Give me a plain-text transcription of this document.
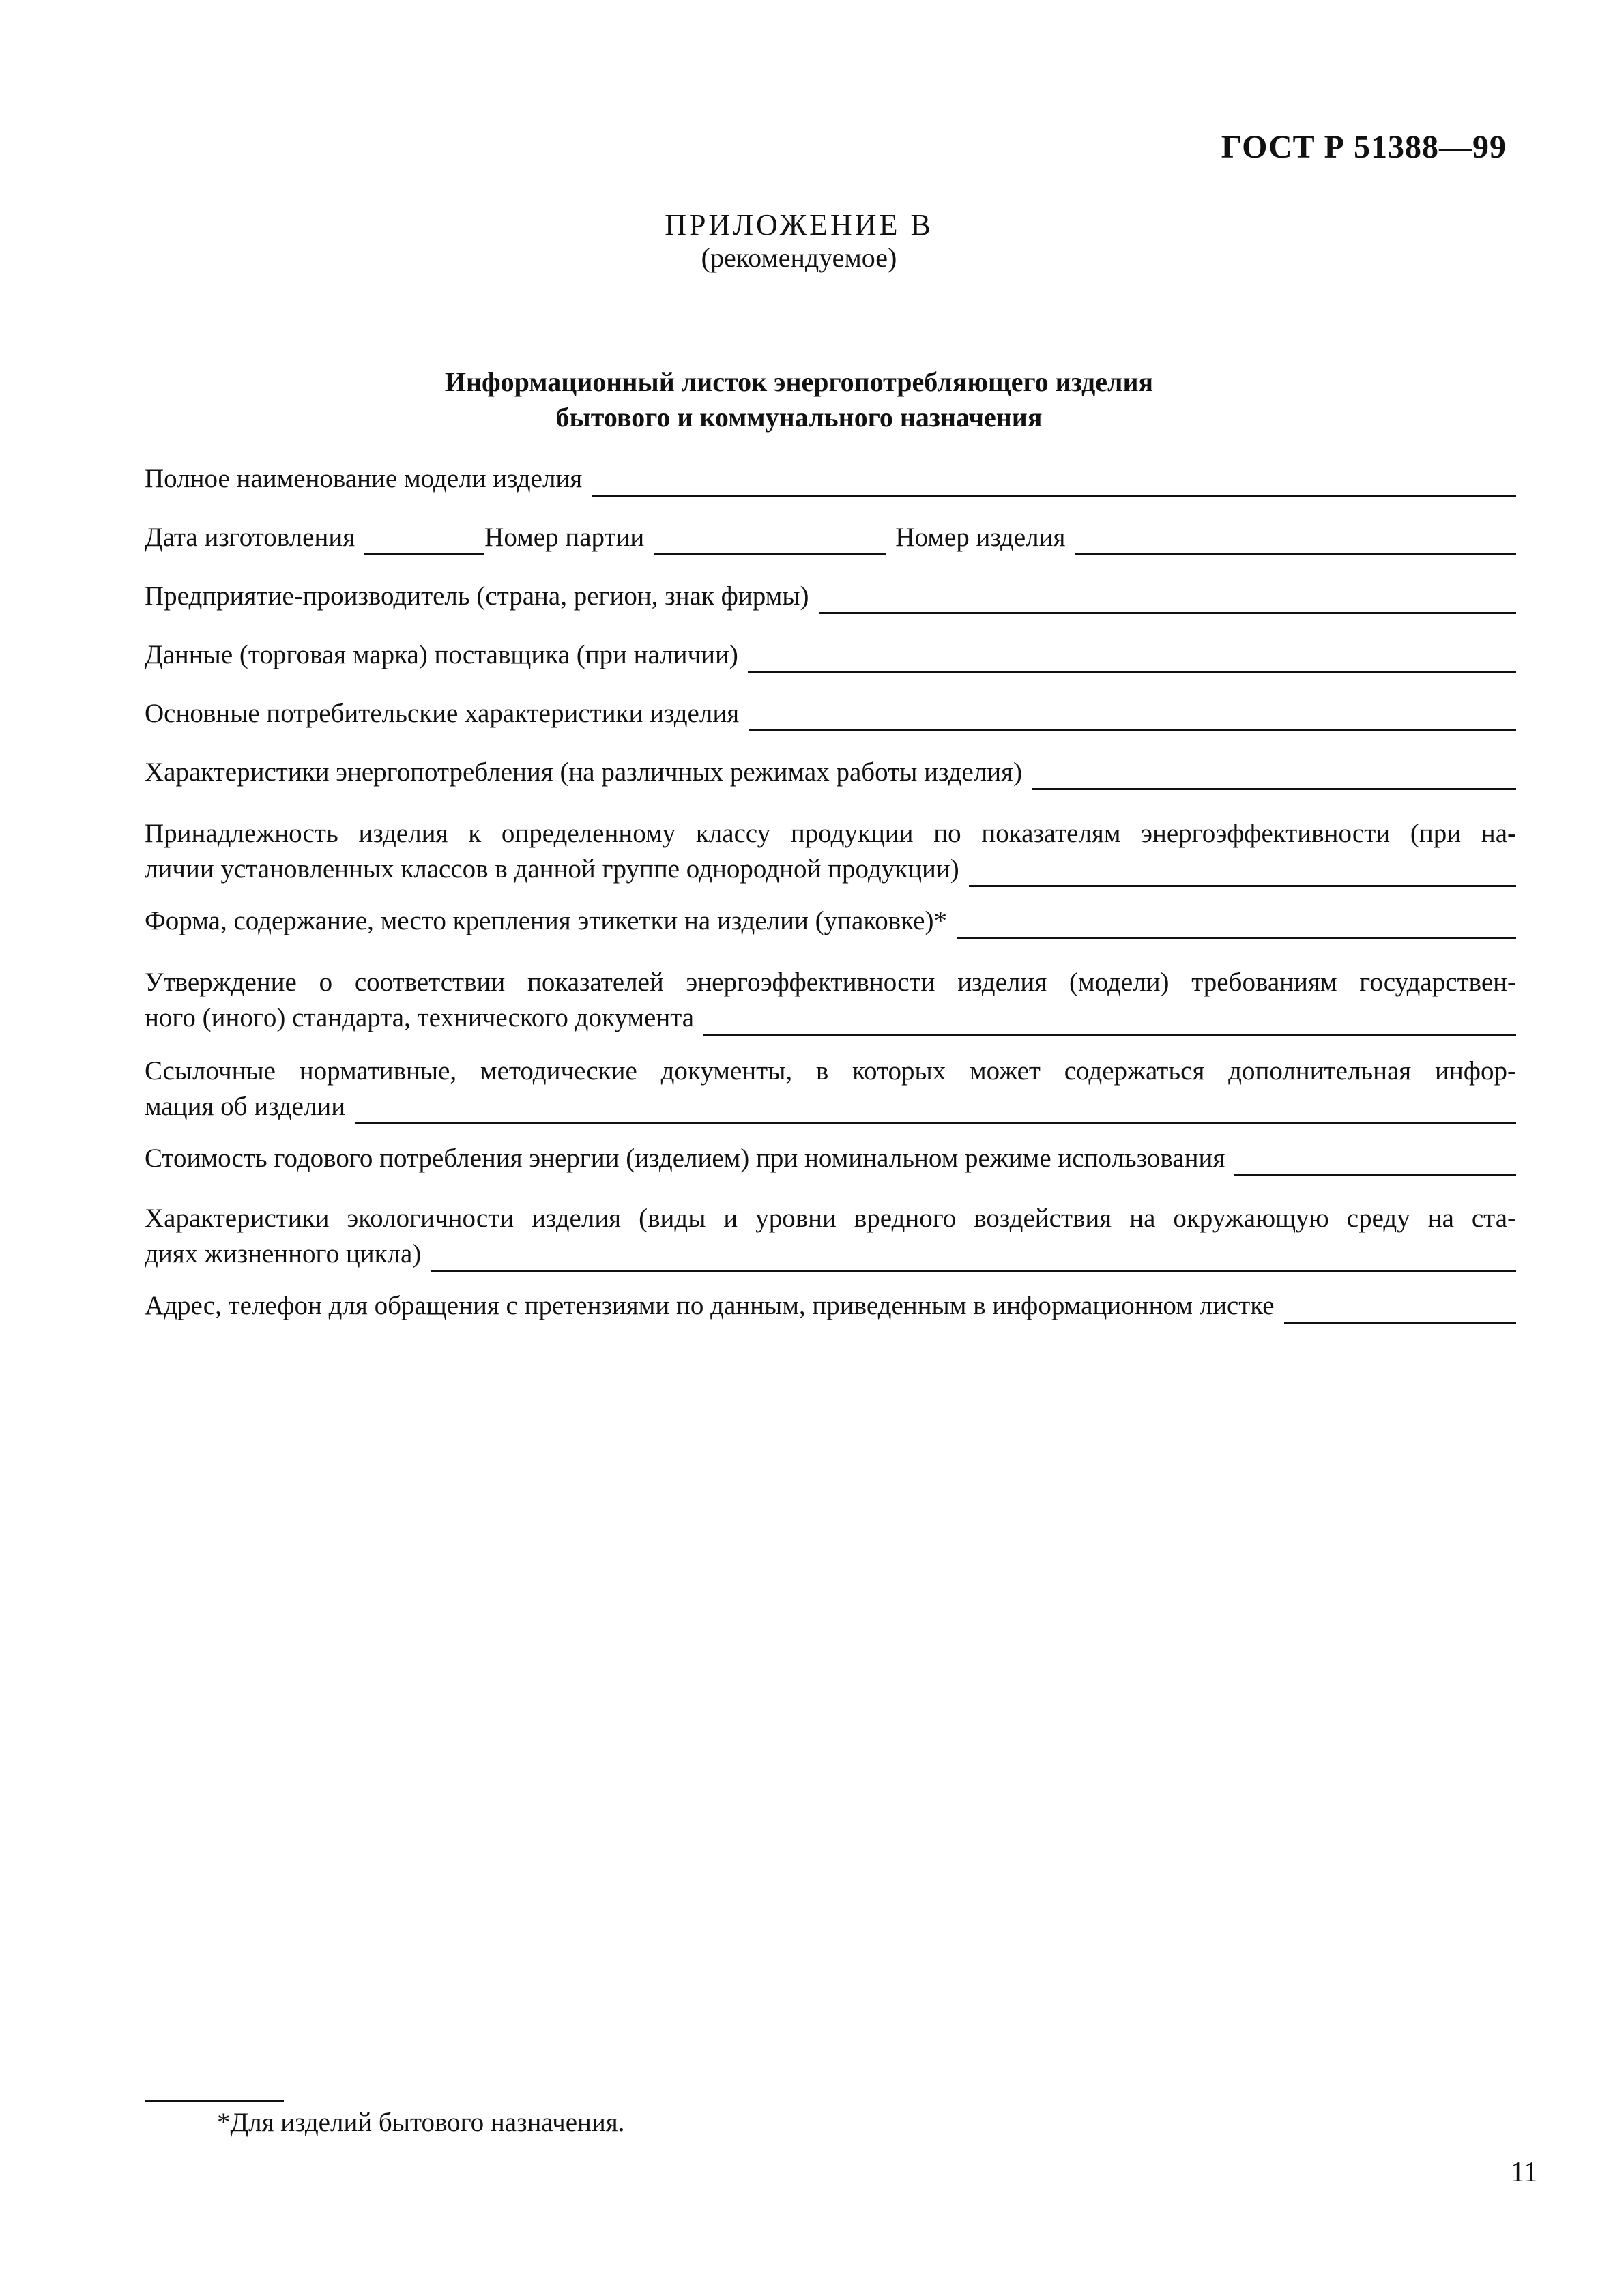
ГОСТ Р 51388—99
ПРИЛОЖЕНИЕ В
(рекомендуемое)
Информационный листок энергопотребляющего изделия
бытового и коммунального назначения
Полное наименование модели изделия
Дата изготовления	Номер партии	Номер изделия
Предприятие-производитель (страна, регион, знак фирмы)
Данные (торговая марка) поставщика (при наличии)
Основные потребительские характеристики изделия
Характеристики энергопотребления (на различных режимах работы изделия)
Принадлежность изделия к определенному классу продукции по показателям энергоэффективности (при на-
личии установленных классов в данной группе однородной продукции)
Форма, содержание, место крепления этикетки на изделии (упаковке)*
Утверждение о соответствии показателей энергоэффективности изделия (модели) требованиям государствен-
ного (иного) стандарта, технического документа
Ссылочные нормативные, методические документы, в которых может содержаться дополнительная инфор-
мация об изделии
Стоимость годового потребления энергии (изделием) при номинальном режиме использования
Характеристики экологичности изделия (виды и уровни вредного воздействия на окружающую среду на ста-
диях жизненного цикла)
Адрес, телефон для обращения с претензиями по данным, приведенным в информационном листке
*Для изделий бытового назначения.
11
